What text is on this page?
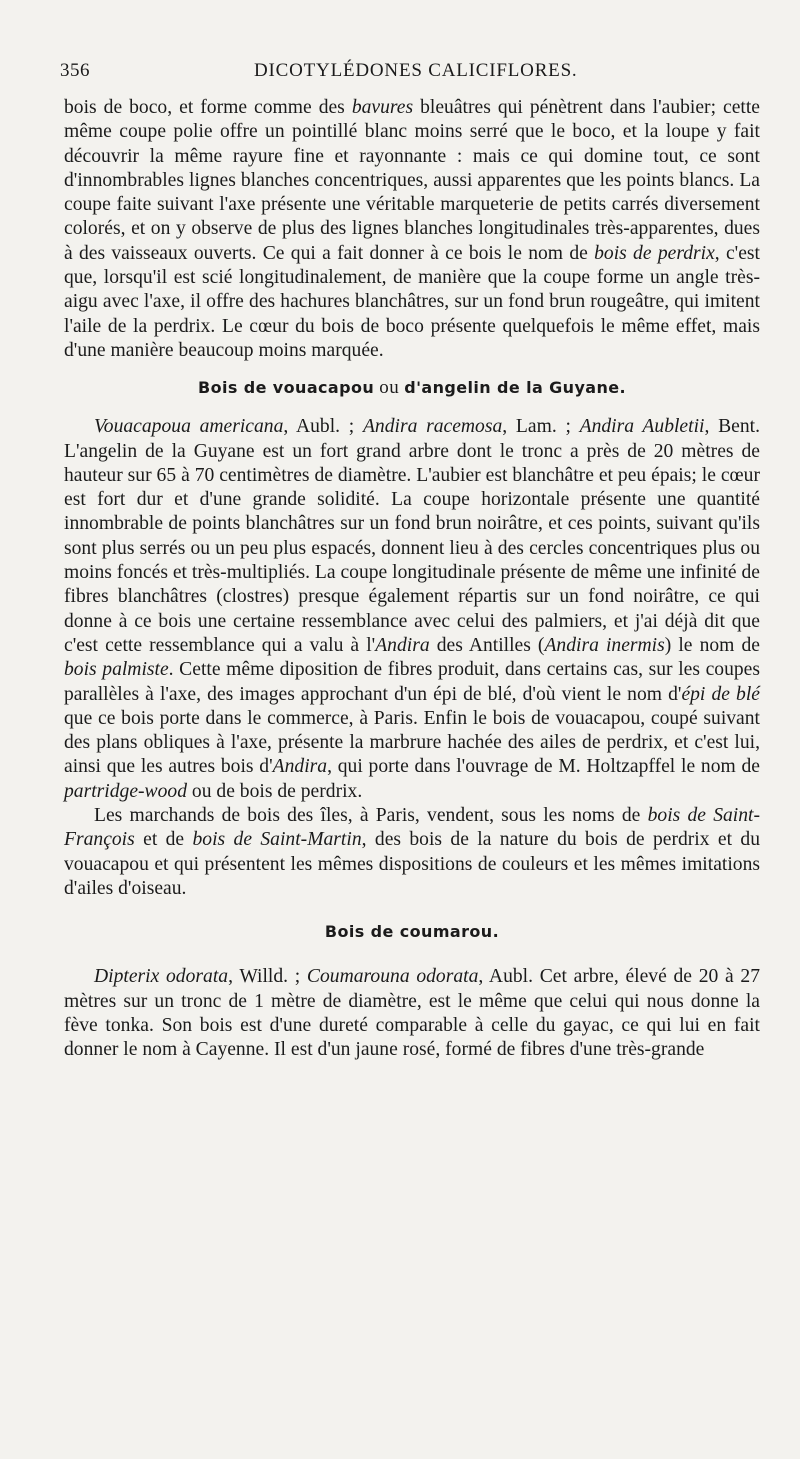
356	DICOTYLÉDONES CALICIFLORES.

bois de boco, et forme comme des bavures bleuâtres qui pénètrent dans l'aubier; cette même coupe polie offre un pointillé blanc moins serré que le boco, et la loupe y fait découvrir la même rayure fine et rayonnante : mais ce qui domine tout, ce sont d'innombrables lignes blanches concentriques, aussi apparentes que les points blancs. La coupe faite suivant l'axe présente une véritable marqueterie de petits carrés diversement colorés, et on y observe de plus des lignes blanches longitudinales très-apparentes, dues à des vaisseaux ouverts. Ce qui a fait donner à ce bois le nom de bois de perdrix, c'est que, lorsqu'il est scié longitudinalement, de manière que la coupe forme un angle très-aigu avec l'axe, il offre des hachures blanchâtres, sur un fond brun rougeâtre, qui imitent l'aile de la perdrix. Le cœur du bois de boco présente quelquefois le même effet, mais d'une manière beaucoup moins marquée.

Bois de vouacapou ou d'angelin de la Guyane.

Vouacapoua americana, Aubl. ; Andira racemosa, Lam. ; Andira Aubletii, Bent. L'angelin de la Guyane est un fort grand arbre dont le tronc a près de 20 mètres de hauteur sur 65 à 70 centimètres de diamètre. L'aubier est blanchâtre et peu épais; le cœur est fort dur et d'une grande solidité. La coupe horizontale présente une quantité innombrable de points blanchâtres sur un fond brun noirâtre, et ces points, suivant qu'ils sont plus serrés ou un peu plus espacés, donnent lieu à des cercles concentriques plus ou moins foncés et très-multipliés. La coupe longitudinale présente de même une infinité de fibres blanchâtres (clostres) presque également répartis sur un fond noirâtre, ce qui donne à ce bois une certaine ressemblance avec celui des palmiers, et j'ai déjà dit que c'est cette ressemblance qui a valu à l'Andira des Antilles (Andira inermis) le nom de bois palmiste. Cette même diposition de fibres produit, dans certains cas, sur les coupes parallèles à l'axe, des images approchant d'un épi de blé, d'où vient le nom d'épi de blé que ce bois porte dans le commerce, à Paris. Enfin le bois de vouacapou, coupé suivant des plans obliques à l'axe, présente la marbrure hachée des ailes de perdrix, et c'est lui, ainsi que les autres bois d'Andira, qui porte dans l'ouvrage de M. Holtzapffel le nom de partridge-wood ou de bois de perdrix.

Les marchands de bois des îles, à Paris, vendent, sous les noms de bois de Saint-François et de bois de Saint-Martin, des bois de la nature du bois de perdrix et du vouacapou et qui présentent les mêmes dispositions de couleurs et les mêmes imitations d'ailes d'oiseau.

Bois de coumarou.

Dipterix odorata, Willd. ; Coumarouna odorata, Aubl. Cet arbre, élevé de 20 à 27 mètres sur un tronc de 1 mètre de diamètre, est le même que celui qui nous donne la fève tonka. Son bois est d'une dureté comparable à celle du gayac, ce qui lui en fait donner le nom à Cayenne. Il est d'un jaune rosé, formé de fibres d'une très-grande
